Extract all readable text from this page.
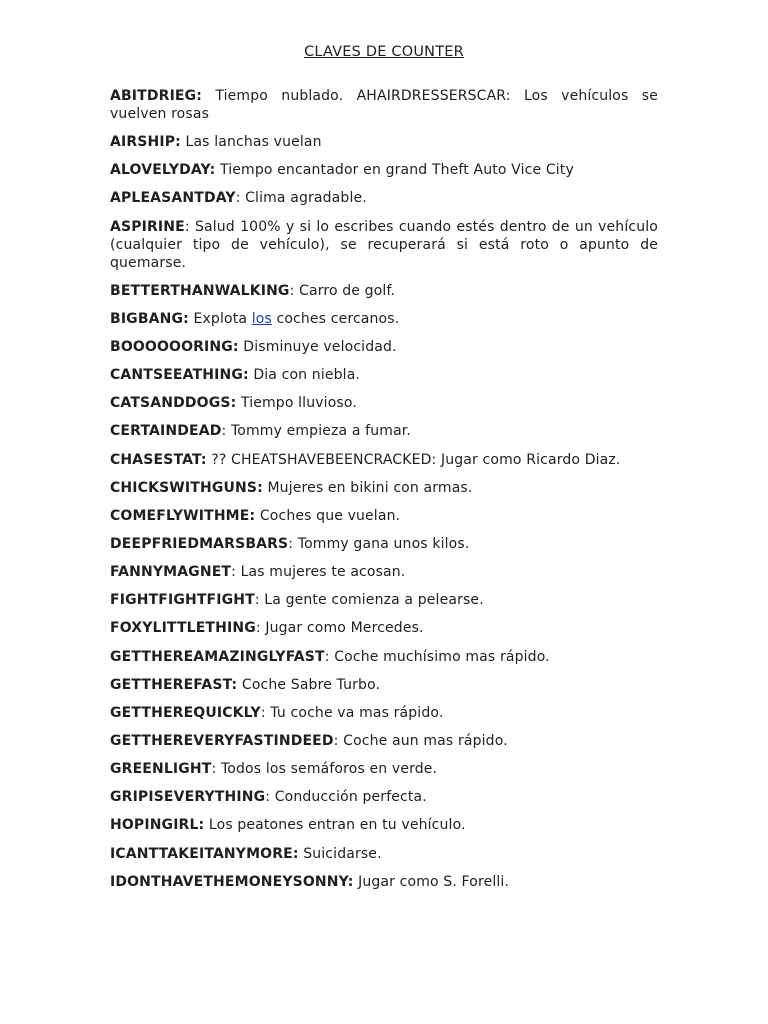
CLAVES DE COUNTER

ABITDRIEG: Tiempo nublado. AHAIRDRESSERSCAR: Los vehículos se vuelven rosas

AIRSHIP: Las lanchas vuelan

ALOVELYDAY: Tiempo encantador en grand Theft Auto Vice City

APLEASANTDAY: Clima agradable.

ASPIRINE: Salud 100% y si lo escribes cuando estés dentro de un vehículo (cualquier tipo de vehículo), se recuperará si está roto o apunto de quemarse.

BETTERTHANWALKING: Carro de golf.

BIGBANG: Explota los coches cercanos.

BOOOOOORING: Disminuye velocidad.

CANTSEEATHING: Dia con niebla.

CATSANDDOGS: Tiempo lluvioso.

CERTAINDEAD: Tommy empieza a fumar.

CHASESTAT: ?? CHEATSHAVEBEENCRACKED: Jugar como Ricardo Diaz.

CHICKSWITHGUNS: Mujeres en bikini con armas.

COMEFLYWITHME: Coches que vuelan.

DEEPFRIEDMARSBARS: Tommy gana unos kilos.

FANNYMAGNET: Las mujeres te acosan.

FIGHTFIGHTFIGHT: La gente comienza a pelearse.

FOXYLITTLETHING: Jugar como Mercedes.

GETTHEREAMAZINGLYFAST: Coche muchísimo mas rápido.

GETTHEREFAST: Coche Sabre Turbo.

GETTHEREQUICKLY: Tu coche va mas rápido.

GETTHEREVERYFASTINDEED: Coche aun mas rápido.

GREENLIGHT: Todos los semáforos en verde.

GRIPISEVERYTHING: Conducción perfecta.

HOPINGIRL: Los peatones entran en tu vehículo.

ICANTTAKEITANYMORE: Suicidarse.

IDONTHAVETHEMONEYSONNY: Jugar como S. Forelli.
